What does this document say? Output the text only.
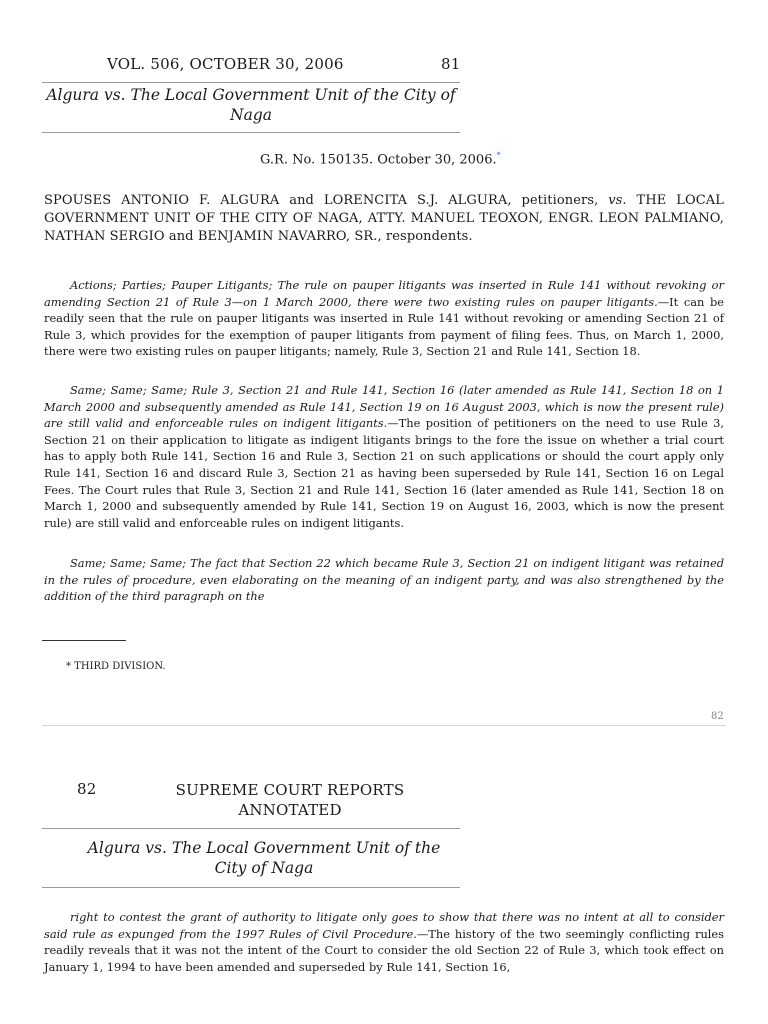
VOL. 506, OCTOBER 30, 2006	81
Algura vs. The Local Government Unit of the City of
Naga
G.R. No. 150135. October 30, 2006.*
SPOUSES ANTONIO F. ALGURA and LORENCITA S.J. ALGURA, petitioners, vs. THE LOCAL GOVERNMENT UNIT OF THE CITY OF NAGA, ATTY. MANUEL TEOXON, ENGR. LEON PALMIANO, NATHAN SERGIO and BENJAMIN NAVARRO, SR., respondents.
Actions; Parties; Pauper Litigants; The rule on pauper litigants was inserted in Rule 141 without revoking or amending Section 21 of Rule 3—on 1 March 2000, there were two existing rules on pauper litigants.—It can be readily seen that the rule on pauper litigants was inserted in Rule 141 without revoking or amending Section 21 of Rule 3, which provides for the exemption of pauper litigants from payment of filing fees. Thus, on March 1, 2000, there were two existing rules on pauper litigants; namely, Rule 3, Section 21 and Rule 141, Section 18.
Same; Same; Same; Rule 3, Section 21 and Rule 141, Section 16 (later amended as Rule 141, Section 18 on 1 March 2000 and subsequently amended as Rule 141, Section 19 on 16 August 2003, which is now the present rule) are still valid and enforceable rules on indigent litigants.—The position of petitioners on the need to use Rule 3, Section 21 on their application to litigate as indigent litigants brings to the fore the issue on whether a trial court has to apply both Rule 141, Section 16 and Rule 3, Section 21 on such applications or should the court apply only Rule 141, Section 16 and discard Rule 3, Section 21 as having been superseded by Rule 141, Section 16 on Legal Fees. The Court rules that Rule 3, Section 21 and Rule 141, Section 16 (later amended as Rule 141, Section 18 on March 1, 2000 and subsequently amended by Rule 141, Section 19 on August 16, 2003, which is now the present rule) are still valid and enforceable rules on indigent litigants.
Same; Same; Same; The fact that Section 22 which became Rule 3, Section 21 on indigent litigant was retained in the rules of procedure, even elaborating on the meaning of an indigent party, and was also strengthened by the addition of the third paragraph on the
* THIRD DIVISION.
82
82	SUPREME COURT REPORTS
ANNOTATED
Algura vs. The Local Government Unit of the
City of Naga
right to contest the grant of authority to litigate only goes to show that there was no intent at all to consider said rule as expunged from the 1997 Rules of Civil Procedure.—The history of the two seemingly conflicting rules readily reveals that it was not the intent of the Court to consider the old Section 22 of Rule 3, which took effect on January 1, 1994 to have been amended and superseded by Rule 141, Section 16,
